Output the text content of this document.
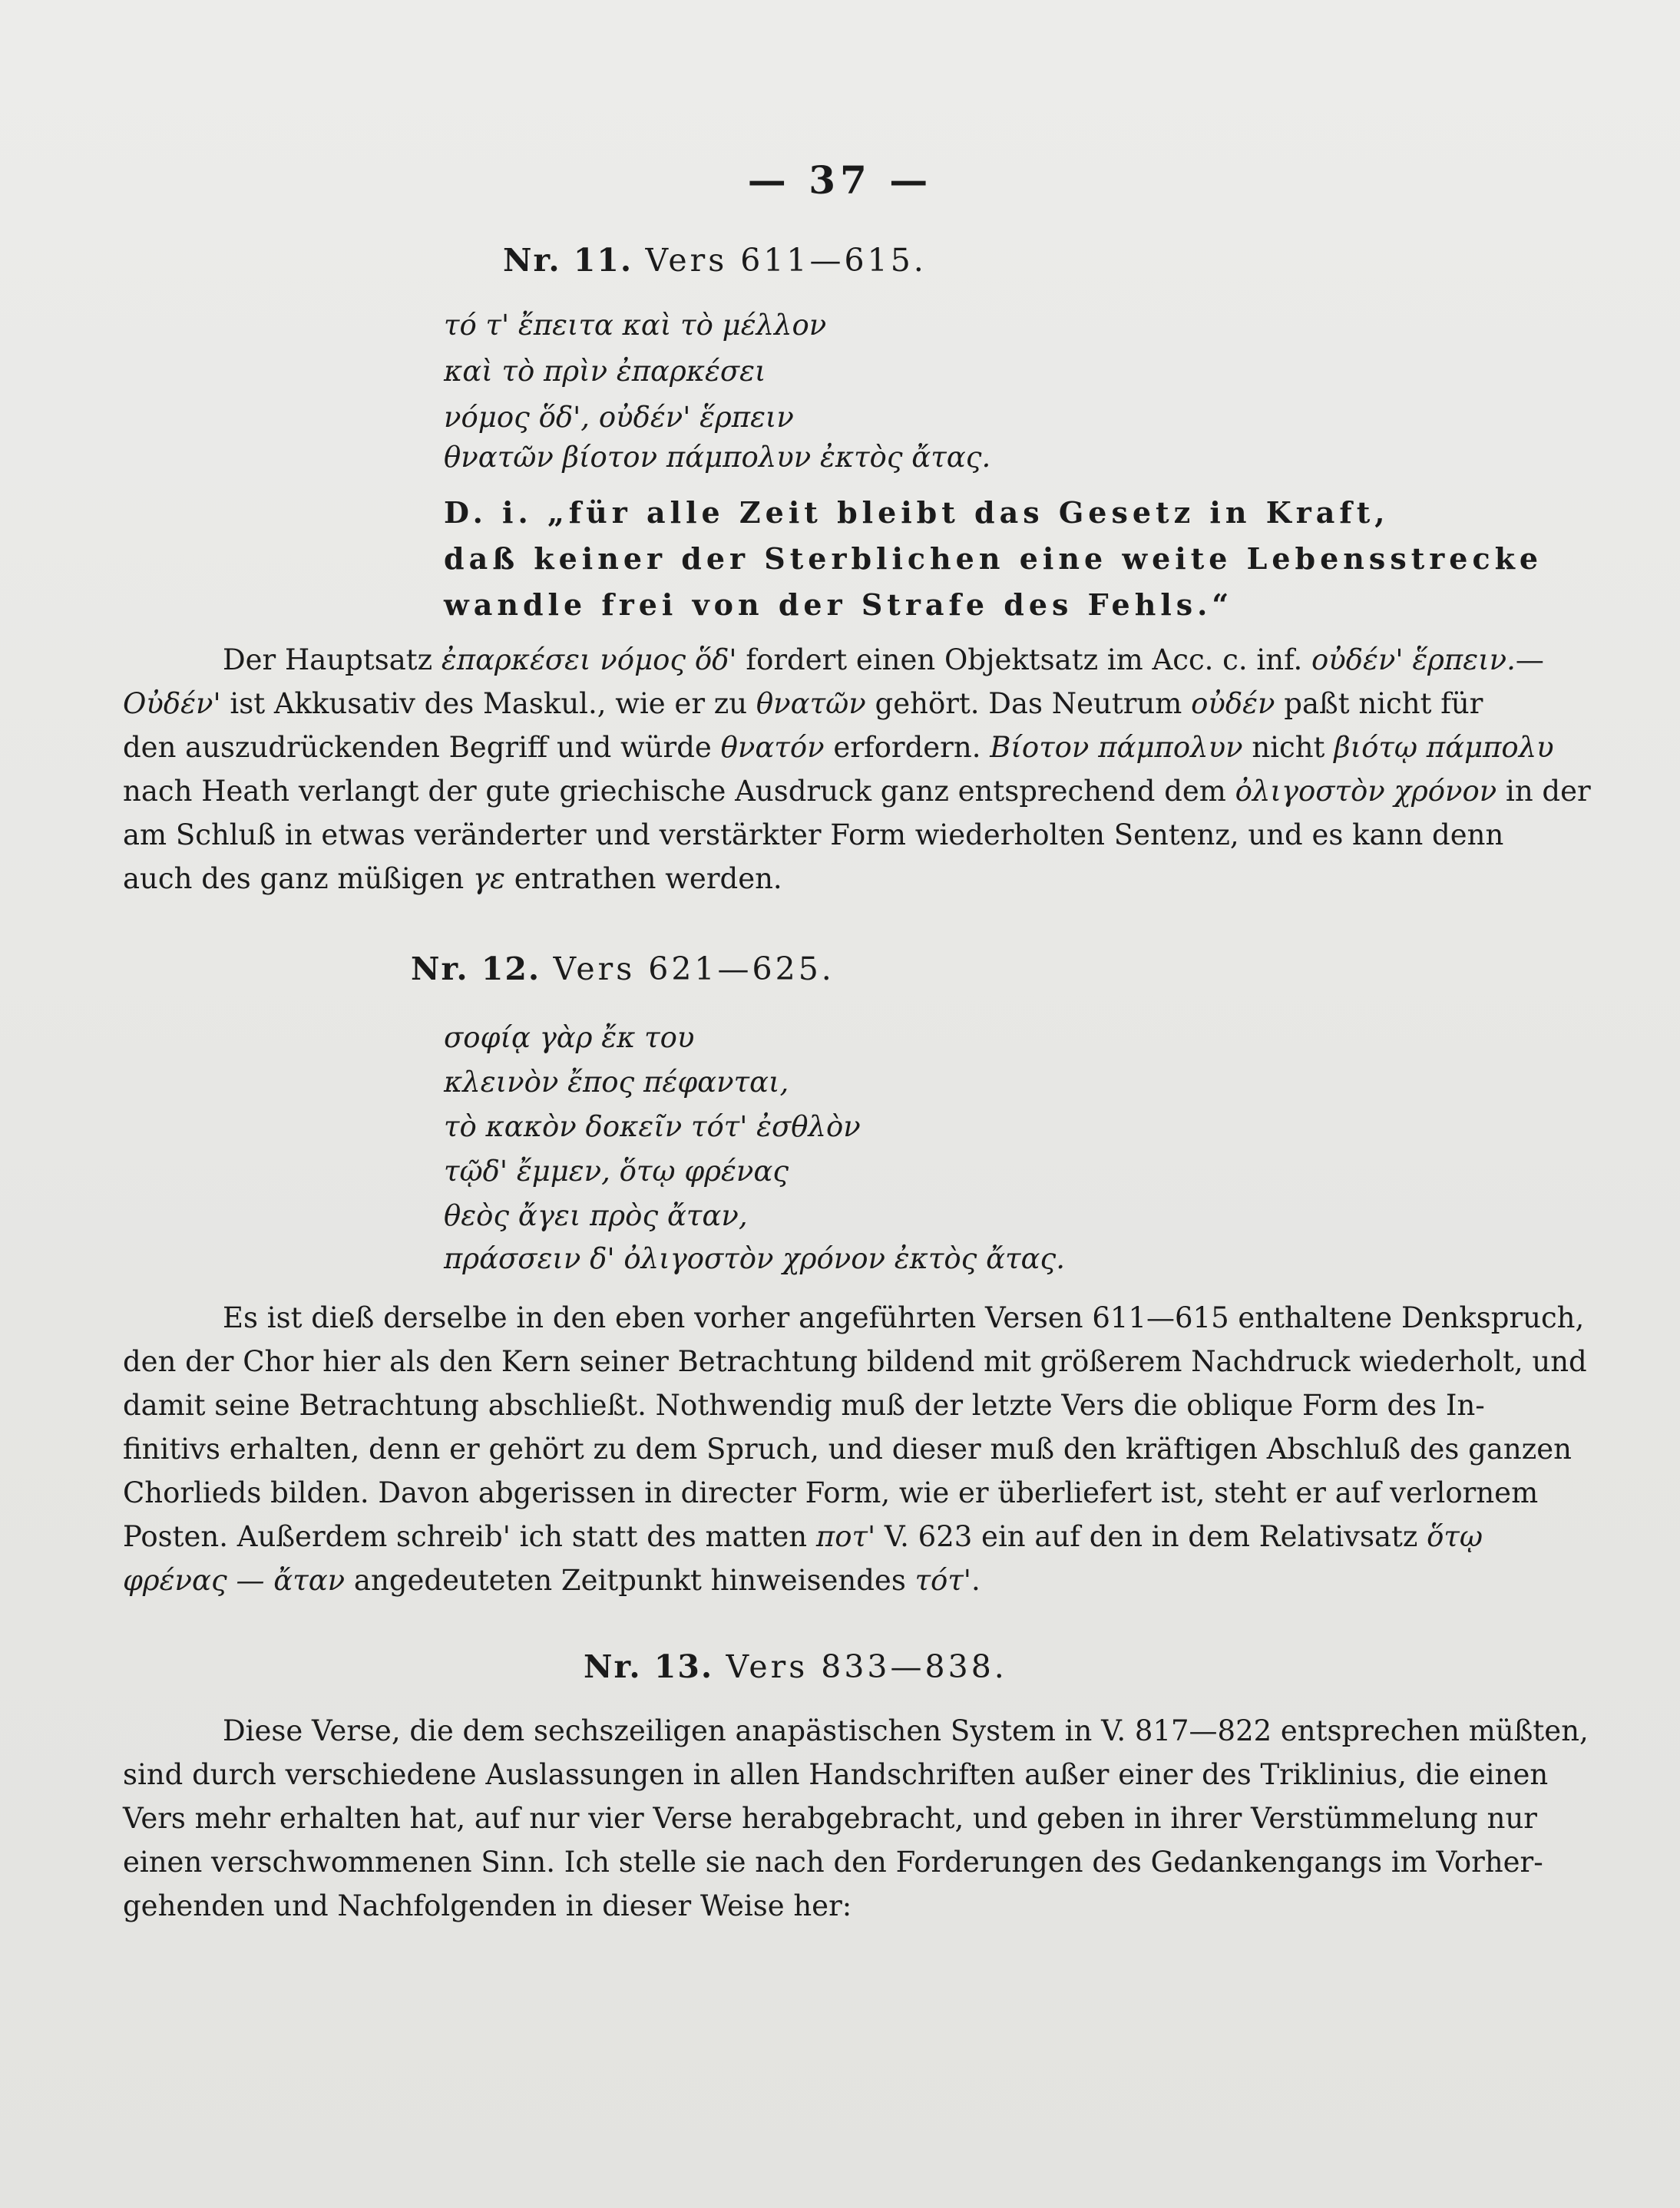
— 37 —
Nr. 11. Vers 611—615.
τό τ' ἔπειτα καὶ τὸ μέλλον
καὶ τὸ πρὶν ἐπαρκέσει
νόμος ὅδ', οὐδέν' ἕρπειν
θνατῶν βίοτον πάμπολυν ἐκτὸς ἄτας.
D. i. „für alle Zeit bleibt das Gesetz in Kraft,
daß keiner der Sterblichen eine weite Lebensstrecke
wandle frei von der Strafe des Fehls.“
Der Hauptsatz ἐπαρκέσει νόμος ὅδ' fordert einen Objektsatz im Acc. c. inf. οὐδέν' ἕρπειν.—
Οὐδέν' ist Akkusativ des Maskul., wie er zu θνατῶν gehört. Das Neutrum οὐδέν paßt nicht für
den auszudrückenden Begriff und würde θνατόν erfordern. Βίοτον πάμπολυν nicht βιότῳ πάμπολυ
nach Heath verlangt der gute griechische Ausdruck ganz entsprechend dem ὀλιγοστὸν χρόνον in der
am Schluß in etwas veränderter und verstärkter Form wiederholten Sentenz, und es kann denn
auch des ganz müßigen γε entrathen werden.
Nr. 12. Vers 621—625.
σοφίᾳ γὰρ ἔκ του
κλεινὸν ἔπος πέφανται,
τὸ κακὸν δοκεῖν τότ' ἐσθλὸν
τῷδ' ἔμμεν, ὅτῳ φρένας
θεὸς ἄγει πρὸς ἄταν,
πράσσειν δ' ὀλιγοστὸν χρόνον ἐκτὸς ἄτας.
Es ist dieß derselbe in den eben vorher angeführten Versen 611—615 enthaltene Denkspruch,
den der Chor hier als den Kern seiner Betrachtung bildend mit größerem Nachdruck wiederholt, und
damit seine Betrachtung abschließt. Nothwendig muß der letzte Vers die oblique Form des In-
finitivs erhalten, denn er gehört zu dem Spruch, und dieser muß den kräftigen Abschluß des ganzen
Chorlieds bilden. Davon abgerissen in directer Form, wie er überliefert ist, steht er auf verlornem
Posten. Außerdem schreib' ich statt des matten ποτ' V. 623 ein auf den in dem Relativsatz ὅτῳ
φρένας — ἄταν angedeuteten Zeitpunkt hinweisendes τότ'.
Nr. 13. Vers 833—838.
Diese Verse, die dem sechszeiligen anapästischen System in V. 817—822 entsprechen müßten,
sind durch verschiedene Auslassungen in allen Handschriften außer einer des Triklinius, die einen
Vers mehr erhalten hat, auf nur vier Verse herabgebracht, und geben in ihrer Verstümmelung nur
einen verschwommenen Sinn. Ich stelle sie nach den Forderungen des Gedankengangs im Vorher-
gehenden und Nachfolgenden in dieser Weise her:
